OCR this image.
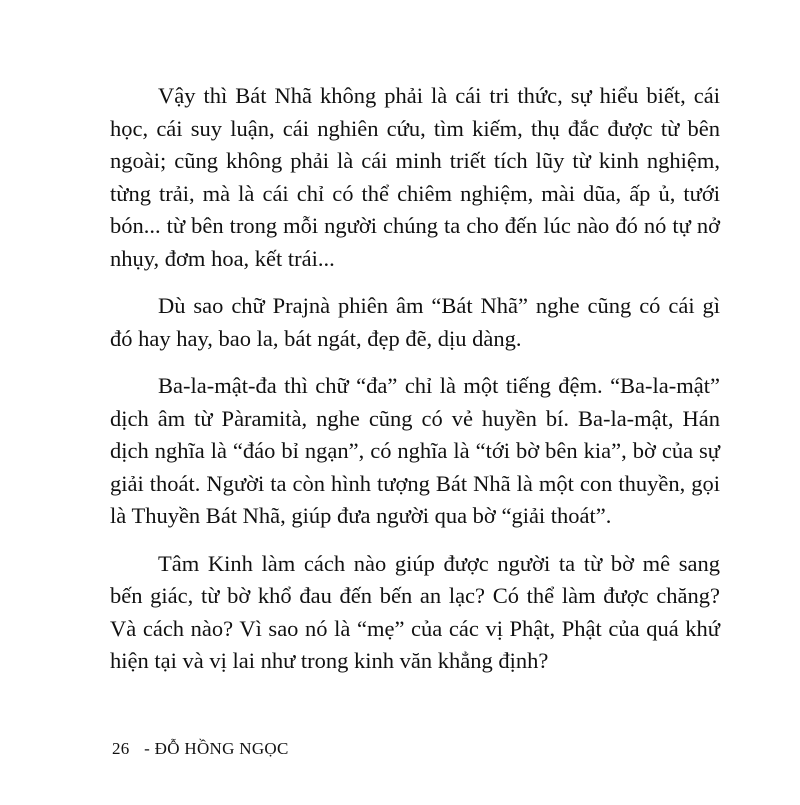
Vậy thì Bát Nhã không phải là cái tri thức, sự hiểu biết, cái học, cái suy luận, cái nghiên cứu, tìm kiếm, thụ đắc được từ bên ngoài; cũng không phải là cái minh triết tích lũy từ kinh nghiệm, từng trải, mà là cái chỉ có thể chiêm nghiệm, mài dũa, ấp ủ, tưới bón... từ bên trong mỗi người chúng ta cho đến lúc nào đó nó tự nở nhụy, đơm hoa, kết trái...

Dù sao chữ Prajnà phiên âm “Bát Nhã” nghe cũng có cái gì đó hay hay, bao la, bát ngát, đẹp đẽ, dịu dàng.

Ba-la-mật-đa thì chữ “đa” chỉ là một tiếng đệm. “Ba-la-mật” dịch âm từ Pàramità, nghe cũng có vẻ huyền bí. Ba-la-mật, Hán dịch nghĩa là “đáo bỉ ngạn”, có nghĩa là “tới bờ bên kia”, bờ của sự giải thoát. Người ta còn hình tượng Bát Nhã là một con thuyền, gọi là Thuyền Bát Nhã, giúp đưa người qua bờ “giải thoát”.

Tâm Kinh làm cách nào giúp được người ta từ bờ mê sang bến giác, từ bờ khổ đau đến bến an lạc? Có thể làm được chăng? Và cách nào? Vì sao nó là “mẹ” của các vị Phật, Phật của quá khứ hiện tại và vị lai như trong kinh văn khẳng định?

26 - ĐỖ HỒNG NGỌC
